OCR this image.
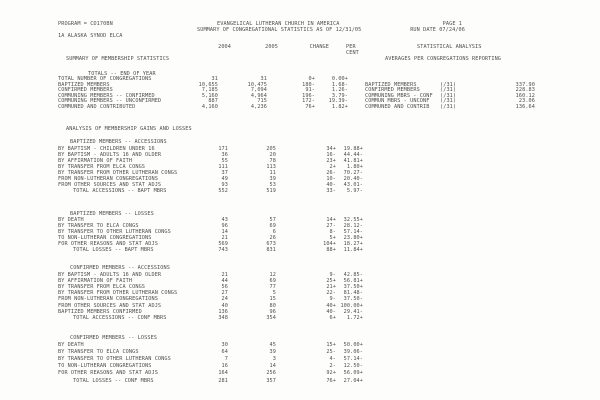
PROGRAM = CD170BN	EVANGELICAL LUTHERAN CHURCH IN AMERICA	PAGE 1
SUMMARY OF CONGREGATIONAL STATISTICS AS OF 12/31/05	RUN DATE 07/24/06
1A ALASKA SYNOD ELCA
2004	2005	CHANGE	PER	STATISTICAL ANALYSIS
CENT
SUMMARY OF MEMBERSHIP STATISTICS	AVERAGES PER CONGREGATIONS REPORTING
TOTALS -- END OF YEAR
ANALYSIS OF MEMBERSHIP GAINS AND LOSSES
TOTAL NUMBER OF CONGREGATIONS	31	31	0+	0.00+
BAPTIZED MEMBERS	10,655	10,475	180-	1.68-	BAPTIZED MEMBERS	(/31)	337.90
CONFIRMED MEMBERS	7,185	7,094	91-	1.26-	CONFIRMED MEMBERS	(/31)	228.83
COMMUNING MEMBERS -- CONFIRMED	5,160	4,964	196-	3.79-	COMMUNING MBRS - CONF (/31)	160.12
COMMUNING MEMBERS -- UNCONFIRMED	887	715	172-	19.39-	COMMUN MBRS - UNCONF (/31)	23.06
COMMUNED AND CONTRIBUTED	4,160	4,236	76+	1.82+	COMMUNED AND CONTRIB (/31)	136.64
BAPTIZED MEMBERS -- ACCESSIONS
BY BAPTISM - CHILDREN UNDER 16	171	205	34+	19.88+
BY BAPTISM - ADULTS 16 AND OLDER	36	20	16-	44.44-
BY AFFIRMATION OF FAITH	55	78	23+	41.81+
BY TRANSFER FROM ELCA CONGS	111	113	2+	1.80+
BY TRANSFER FROM OTHER LUTHERAN CONGS	37	11	26-	70.27-
FROM NON-LUTHERAN CONGREGATIONS	49	39	10-	20.40-
FROM OTHER SOURCES AND STAT ADJS	93	53	40-	43.01-
TOTAL ACCESSIONS -- BAPT MBRS	552	519	33-	5.97-
BAPTIZED MEMBERS -- LOSSES
BY DEATH	43	57	14+	32.55+
BY TRANSFER TO ELCA CONGS	96	69	27-	28.12-
BY TRANSFER TO OTHER LUTHERAN CONGS	14	6	8-	57.14-
TO NON-LUTHERAN CONGREGATIONS	21	26	5+	23.80+
FOR OTHER REASONS AND STAT ADJS	569	673	104+	18.27+
TOTAL LOSSES -- BAPT MBRS	743	831	88+	11.84+
CONFIRMED MEMBERS -- ACCESSIONS
BY BAPTISM - ADULTS 16 AND OLDER	21	12	9-	42.85-
BY AFFIRMATION OF FAITH	44	69	25+	56.81+
BY TRANSFER FROM ELCA CONGS	56	77	21+	37.50+
BY TRANSFER FROM OTHER LUTHERAN CONGS	27	5	22-	81.48-
FROM NON-LUTHERAN CONGREGATIONS	24	15	9-	37.50-
FROM OTHER SOURCES AND STAT ADJS	40	80	40+ 100.00+
BAPTIZED MEMBERS CONFIRMED	136	96	40-	29.41-
TOTAL ACCESSIONS -- CONF MBRS	348	354	6+	1.72+
CONFIRMED MEMBERS -- LOSSES
BY DEATH	30	45	15+	50.00+
BY TRANSFER TO ELCA CONGS	64	39	25-	39.06-
BY TRANSFER TO OTHER LUTHERAN CONGS	7	3	4-	57.14-
TO NON-LUTHERAN CONGREGATIONS	16	14	2-	12.50-
FOR OTHER REASONS AND STAT ADJS	164	256	92+	56.09+
TOTAL LOSSES -- CONF MBRS	281	357	76+	27.04+
